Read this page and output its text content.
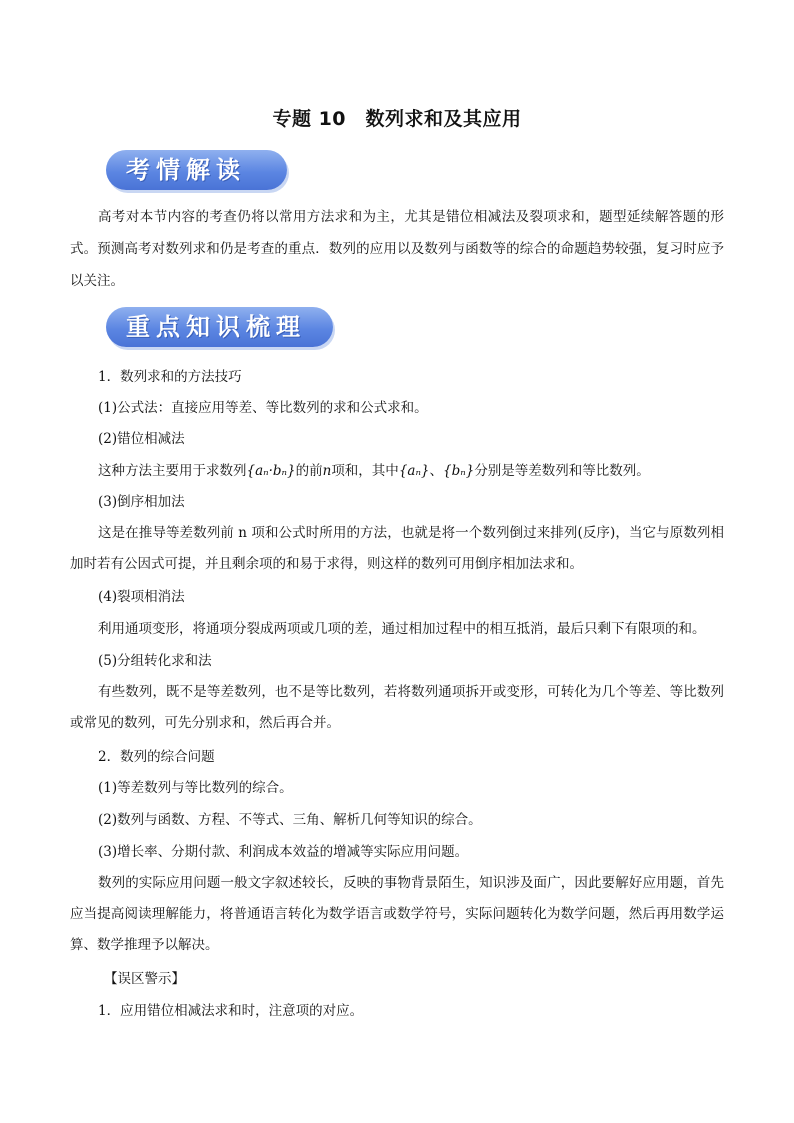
专题 10　数列求和及其应用
考情解读
高考对本节内容的考查仍将以常用方法求和为主，尤其是错位相减法及裂项求和，题型延续解答题的形式。预测高考对数列求和仍是考查的重点．数列的应用以及数列与函数等的综合的命题趋势较强，复习时应予以关注。
重点知识梳理
1．数列求和的方法技巧
(1)公式法：直接应用等差、等比数列的求和公式求和。
(2)错位相减法
这种方法主要用于求数列{aₙ·bₙ}的前n项和，其中{aₙ}、{bₙ}分别是等差数列和等比数列。
(3)倒序相加法
这是在推导等差数列前 n 项和公式时所用的方法，也就是将一个数列倒过来排列(反序)，当它与原数列相加时若有公因式可提，并且剩余项的和易于求得，则这样的数列可用倒序相加法求和。
(4)裂项相消法
利用通项变形，将通项分裂成两项或几项的差，通过相加过程中的相互抵消，最后只剩下有限项的和。
(5)分组转化求和法
有些数列，既不是等差数列，也不是等比数列，若将数列通项拆开或变形，可转化为几个等差、等比数列或常见的数列，可先分别求和，然后再合并。
2．数列的综合问题
(1)等差数列与等比数列的综合。
(2)数列与函数、方程、不等式、三角、解析几何等知识的综合。
(3)增长率、分期付款、利润成本效益的增减等实际应用问题。
数列的实际应用问题一般文字叙述较长，反映的事物背景陌生，知识涉及面广，因此要解好应用题，首先应当提高阅读理解能力，将普通语言转化为数学语言或数学符号，实际问题转化为数学问题，然后再用数学运算、数学推理予以解决。
【误区警示】
1．应用错位相减法求和时，注意项的对应。
